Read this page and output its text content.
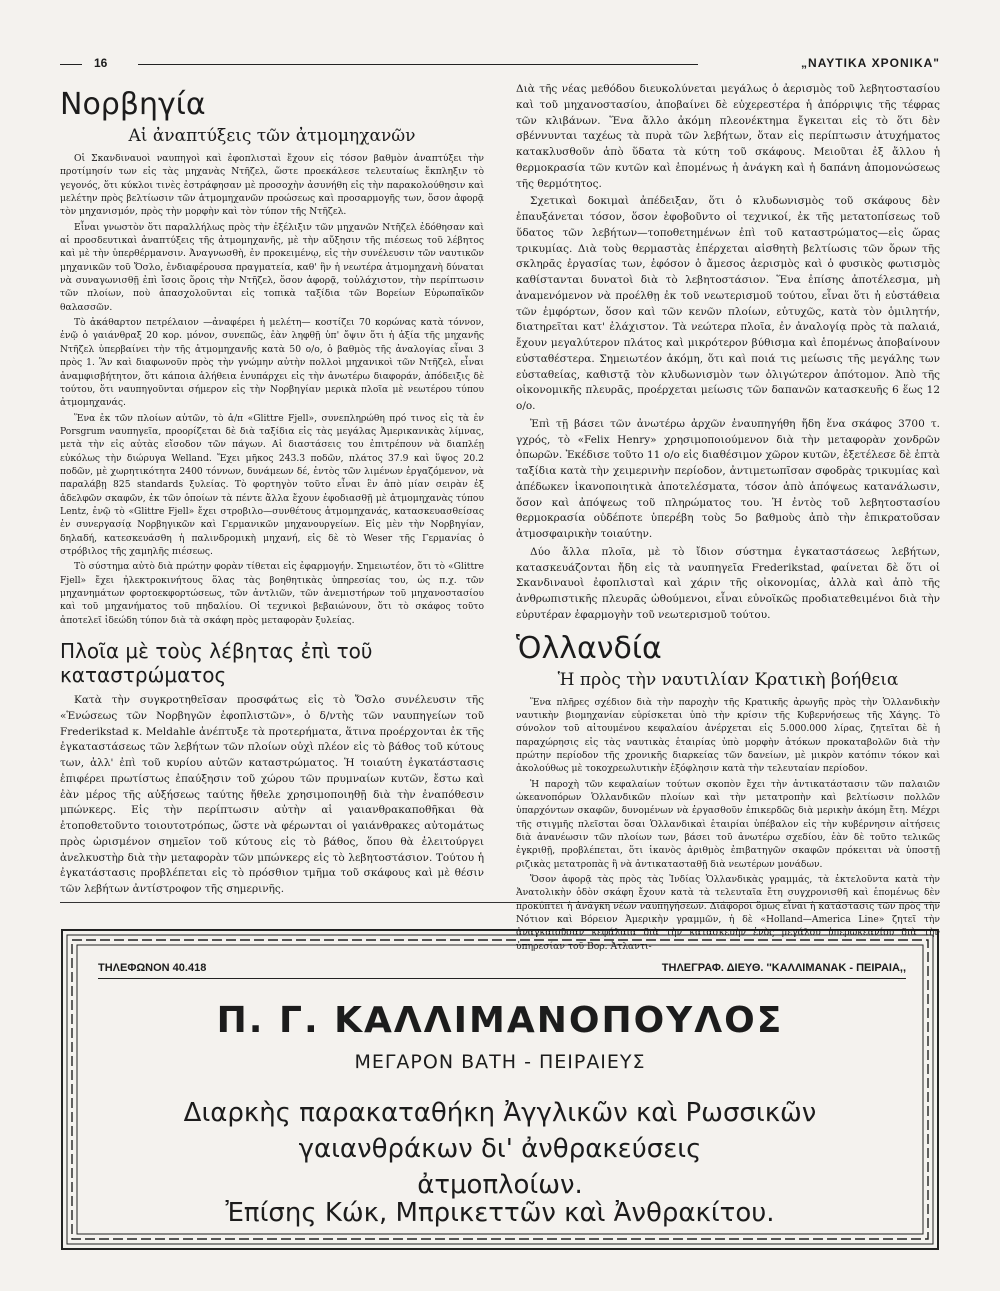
16	„ΝΑΥΤΙΚΑ ΧΡΟΝΙΚΑ"
Νορβηγία
Αἱ ἀναπτύξεις τῶν ἀτμομηχανῶν

Οἱ Σκανδιναυοὶ ναυπηγοὶ καὶ ἐφοπλισταὶ ἔχουν εἰς τόσον βαθμὸν ἀναπτύξει τὴν προτίμησίν των εἰς τὰς μηχανὰς Ντῆζελ, ὥστε προεκάλεσε τελευταίως ἔκπληξιν τὸ γεγονός, ὅτι κύκλοι τινὲς ἐστράφησαν μὲ προσοχὴν ἀσυνήθη εἰς τὴν παρακολούθησιν καὶ μελέτην πρὸς βελτίωσιν τῶν ἀτμομηχανῶν προώσεως καὶ προσαρμογῆς των, ὅσον ἀφορᾷ τὸν μηχανισμόν, πρὸς τὴν μορφὴν καὶ τὸν τύπον τῆς Ντῆζελ.

Εἶναι γνωστὸν ὅτι παραλλήλως πρὸς τὴν ἐξέλιξιν τῶν μηχανῶν Ντῆζελ ἐδόθησαν καὶ αἱ προσδευτικαὶ ἀναπτύξεις τῆς ἀτμομηχανῆς, μὲ τὴν αὔξησιν τῆς πιέσεως τοῦ λέβητος καὶ μὲ τὴν ὑπερθέρμανσιν. Ἀναγνωσθὴ, ἐν προκειμένῳ, εἰς τὴν συνέλευσιν τῶν ναυτικῶν μηχανικῶν τοῦ Ὄσλο, ἐνδιαφέρουσα πραγματεία, καθ' ἣν ἡ νεωτέρα ἀτμομηχανὴ δύναται νὰ συναγωνισθῇ ἐπὶ ἴσοις ὅροις τὴν Ντῆζελ, ὅσον ἀφορᾷ, τοὐλάχιστον, τὴν περίπτωσιν τῶν πλοίων, ποὺ ἀπασχολοῦνται εἰς τοπικὰ ταξίδια τῶν Βορείων Εὐρωπαϊκῶν θαλασσῶν.

Τὸ ἀκάθαρτον πετρέλαιον —ἀναφέρει ἡ μελέτη— κοστίζει 70 κορώνας κατὰ τόννον, ἐνῷ ὁ γαιάνθραξ 20 κορ. μόνον, συνεπῶς, ἐὰν ληφθῇ ὑπ' ὄψιν ὅτι ἡ ἀξία τῆς μηχανῆς Ντῆζελ ὑπερβαίνει τὴν τῆς ἀτμομηχανῆς κατὰ 50 ο/ο, ὁ βαθμὸς τῆς ἀναλογίας εἶναι 3 πρὸς 1. Ἂν καὶ διαφωνοῦν πρὸς τὴν γνώμην αὐτὴν πολλοὶ μηχανικοὶ τῶν Ντῆζελ, εἶναι ἀναμφισβήτητον, ὅτι κάποια ἀλήθεια ἐνυπάρχει εἰς τὴν ἀνωτέρω διαφοράν, ἀπόδειξις δὲ τούτου, ὅτι ναυπηγοῦνται σήμερον εἰς τὴν Νορβηγίαν μερικὰ πλοῖα μὲ νεωτέρου τύπου ἀτμομηχανάς.

Ἕνα ἐκ τῶν πλοίων αὐτῶν, τὸ ἀ/π «Glittre Fjell», συνεπληρώθη πρό τινος εἰς τὰ ἐν Porsgrum ναυπηγεῖα, προορίζεται δὲ διὰ ταξίδια εἰς τὰς μεγάλας Ἀμερικανικὰς λίμνας, μετὰ τὴν εἰς αὐτὰς εἴσοδον τῶν πάγων. Αἱ διαστάσεις του ἐπιτρέπουν νὰ διαπλέῃ εὐκόλως τὴν διώρυγα Welland. Ἔχει μῆκος 243.3 ποδῶν, πλάτος 37.9 καὶ ὕψος 20.2 ποδῶν, μὲ χωρητικότητα 2400 τόννων, δυνάμεων δέ, ἐντὸς τῶν λιμένων ἐργαζόμενον, νὰ παραλάβῃ 825 standards ξυλείας. Τὸ φορτηγὸν τοῦτο εἶναι ἓν ἀπὸ μίαν σειρὰν ἐξ ἀδελφῶν σκαφῶν, ἐκ τῶν ὁποίων τὰ πέντε ἄλλα ἔχουν ἐφοδιασθῇ μὲ ἀτμομηχανὰς τύπου Lentz, ἐνῷ τὸ «Glittre Fjell» ἔχει στροβιλο—συνθέτους ἀτμομηχανάς, κατασκευασθείσας ἐν συνεργασίᾳ Νορβηγικῶν καὶ Γερμανικῶν μηχανουργείων. Εἰς μὲν τὴν Νορβηγίαν, δηλαδή, κατεσκευάσθη ἡ παλινδρομικὴ μηχανή, εἰς δὲ τὸ Weser τῆς Γερμανίας ὁ στρόβιλος τῆς χαμηλῆς πιέσεως.

Τὸ σύστημα αὐτὸ διὰ πρώτην φορὰν τίθεται εἰς ἐφαρμογήν. Σημειωτέον, ὅτι τὸ «Glittre Fjell» ἔχει ἠλεκτροκινήτους ὅλας τὰς βοηθητικὰς ὑπηρεσίας του, ὡς π.χ. τῶν μηχανημάτων φορτοεκφορτώσεως, τῶν ἀντλιῶν, τῶν ἀνεμιστήρων τοῦ μηχανοστασίου καὶ τοῦ μηχανήματος τοῦ πηδαλίου. Οἱ τεχνικοὶ βεβαιώνουν, ὅτι τὸ σκάφος τοῦτο ἀποτελεῖ ἰδεώδη τύπον διὰ τὰ σκάφη πρὸς μεταφορὰν ξυλείας.

Πλοῖα μὲ τοὺς λέβητας ἐπὶ τοῦ καταστρώματος

Κατὰ τὴν συγκροτηθεῖσαν προσφάτως εἰς τὸ Ὄσλο συνέλευσιν τῆς «Ἑνώσεως τῶν Νορβηγῶν ἐφοπλιστῶν», ὁ δ/ντὴς τῶν ναυπηγείων τοῦ Frederikstad κ. Meldahle ἀνέπτυξε τὰ προτερήματα, ἅτινα προέρχονται ἐκ τῆς ἐγκαταστάσεως τῶν λεβήτων τῶν πλοίων οὐχὶ πλέον εἰς τὸ βάθος τοῦ κύτους των, ἀλλ' ἐπὶ τοῦ κυρίου αὐτῶν καταστρώματος. Ἡ τοιαύτη ἐγκατάστασις ἐπιφέρει πρωτίστως ἐπαύξησιν τοῦ χώρου τῶν πρυμναίων κυτῶν, ἔστω καὶ ἐὰν μέρος τῆς αὐξήσεως ταύτης ἤθελε χρησιμοποιηθῇ διὰ τὴν ἐναπόθεσιν μπώνκερς. Εἰς τὴν περίπτωσιν αὐτὴν αἱ γαιανθρακαποθῆκαι θὰ ἐτοποθετοῦντο τοιουτοτρόπως, ὥστε νὰ φέρωνται οἱ γαιάνθρακες αὐτομάτως πρὸς ὡρισμένον σημεῖον τοῦ κύτους εἰς τὸ βάθος, ὅπου θὰ ἐλειτούργει ἀνελκυστὴρ διὰ τὴν μεταφορὰν τῶν μπώνκερς εἰς τὸ λεβητοστάσιον. Τούτου ἡ ἐγκατάστασις προβλέπεται εἰς τὸ πρόσθιον τμῆμα τοῦ σκάφους καὶ μὲ θέσιν τῶν λεβήτων ἀντίστροφον τῆς σημερινῆς.

Διὰ τῆς νέας μεθόδου διευκολύνεται μεγάλως ὁ ἀερισμὸς τοῦ λεβητοστασίου καὶ τοῦ μηχανοστασίου, ἀποβαίνει δὲ εὐχερεστέρα ἡ ἀπόρριψις τῆς τέφρας τῶν κλιβάνων. Ἕνα ἄλλο ἀκόμη πλεονέκτημα ἔγκειται εἰς τὸ ὅτι δὲν σβέννυνται ταχέως τὰ πυρὰ τῶν λεβήτων, ὅταν εἰς περίπτωσιν ἀτυχήματος κατακλυσθοῦν ἀπὸ ὕδατα τὰ κύτη τοῦ σκάφους. Μειοῦται ἐξ ἄλλου ἡ θερμοκρασία τῶν κυτῶν καὶ ἑπομένως ἡ ἀνάγκη καὶ ἡ δαπάνη ἀπομονώσεως τῆς θερμότητος.

Σχετικαὶ δοκιμαὶ ἀπέδειξαν, ὅτι ὁ κλυδωνισμὸς τοῦ σκάφους δὲν ἐπαυξάνεται τόσον, ὅσον ἐφοβοῦντο οἱ τεχνικοί, ἐκ τῆς μετατοπίσεως τοῦ ὕδατος τῶν λεβήτων—τοποθετημένων ἐπὶ τοῦ καταστρώματος—εἰς ὥρας τρικυμίας. Διὰ τοὺς θερμαστὰς ἐπέρχεται αἰσθητὴ βελτίωσις τῶν ὅρων τῆς σκληρᾶς ἐργασίας των, ἐφόσον ὁ ἄμεσος ἀερισμὸς καὶ ὁ φυσικὸς φωτισμὸς καθίστανται δυνατοὶ διὰ τὸ λεβητοστάσιον. Ἕνα ἐπίσης ἀποτέλεσμα, μὴ ἀναμενόμενον νὰ προέλθῃ ἐκ τοῦ νεωτερισμοῦ τούτου, εἶναι ὅτι ἡ εὐστάθεια τῶν ἐμφόρτων, ὅσον καὶ τῶν κενῶν πλοίων, εὐτυχῶς, κατὰ τὸν ὁμιλητήν, διατηρεῖται κατ' ἐλάχιστον. Τὰ νεώτερα πλοῖα, ἐν ἀναλογίᾳ πρὸς τὰ παλαιά, ἔχουν μεγαλύτερον πλάτος καὶ μικρότερον βύθισμα καὶ ἑπομένως ἀποβαίνουν εὐσταθέστερα. Σημειωτέον ἀκόμη, ὅτι καὶ ποιά τις μείωσις τῆς μεγάλης των εὐσταθείας, καθιστᾷ τὸν κλυδωνισμὸν των ὀλιγώτερον ἀπότομον. Ἀπὸ τῆς οἰκονομικῆς πλευρᾶς, προέρχεται μείωσις τῶν δαπανῶν κατασκευῆς 6 ἕως 12 ο/ο.

Ἐπὶ τῇ βάσει τῶν ἀνωτέρω ἀρχῶν ἐναυπηγήθη ἤδη ἕνα σκάφος 3700 τ. γχρός, τὸ «Felix Henry» χρησιμοποιούμενον διὰ τὴν μεταφορὰν χονδρῶν ὀπωρῶν. Ἐκέδισε τοῦτο 11 ο/ο εἰς διαθέσιμον χῶρον κυτῶν, ἐξετέλεσε δὲ ἑπτὰ ταξίδια κατὰ τὴν χειμερινὴν περίοδον, ἀντιμετωπῖσαν σφοδρὰς τρικυμίας καὶ ἀπέδωκεν ἱκανοποιητικὰ ἀποτελέσματα, τόσον ἀπὸ ἀπόψεως κατανάλωσιν, ὅσον καὶ ἀπόψεως τοῦ πληρώματος του. Ἡ ἐντὸς τοῦ λεβητοστασίου θερμοκρασία οὐδέποτε ὑπερέβη τοὺς 5ο βαθμοὺς ἀπὸ τὴν ἐπικρατοῦσαν ἀτμοσφαιρικὴν τοιαύτην.

Δύο ἄλλα πλοῖα, μὲ τὸ ἴδιον σύστημα ἐγκαταστάσεως λεβήτων, κατασκευάζονται ἤδη εἰς τὰ ναυπηγεῖα Frederikstad, φαίνεται δὲ ὅτι οἱ Σκανδιναυοὶ ἐφοπλισταὶ καὶ χάριν τῆς οἰκονομίας, ἀλλὰ καὶ ἀπὸ τῆς ἀνθρωπιστικῆς πλευρᾶς ὠθούμενοι, εἶναι εὐνοϊκῶς προδιατεθειμένοι διὰ τὴν εὐρυτέραν ἐφαρμογὴν τοῦ νεωτερισμοῦ τούτου.

Ὁλλανδία
Ἡ πρὸς τὴν ναυτιλίαν Κρατικὴ βοήθεια

Ἕνα πλῆρες σχέδιον διὰ τὴν παροχὴν τῆς Κρατικῆς ἀρωγῆς πρὸς τὴν Ὁλλανδικὴν ναυτικὴν βιομηχανίαν εὑρίσκεται ὑπὸ τὴν κρίσιν τῆς Κυβερνήσεως τῆς Χάγης. Τὸ σύνολον τοῦ αἰτουμένου κεφαλαίου ἀνέρχεται εἰς 5.000.000 λίρας, ζητεῖται δὲ ἡ παραχώρησις εἰς τὰς ναυτικὰς ἑταιρίας ὑπὸ μορφὴν ἀτόκων προκαταβολῶν διὰ τὴν πρώτην περίοδον τῆς χρονικῆς διαρκείας τῶν δανείων, μὲ μικρὸν κατόπιν τόκον καὶ ἀκολούθως μὲ τοκοχρεωλυτικὴν ἐξόφλησιν κατὰ τὴν τελευταίαν περίοδον.

Ἡ παροχὴ τῶν κεφαλαίων τούτων σκοπὸν ἔχει τὴν ἀντικατάστασιν τῶν παλαιῶν ὠκεανοπόρων Ὁλλανδικῶν πλοίων καὶ τὴν μετατροπὴν καὶ βελτίωσιν πολλῶν ὑπαρχόντων σκαφῶν, δυνομένων νὰ ἐργασθοῦν ἐπικερδῶς διὰ μερικὴν ἀκόμη ἔτη. Μέχρι τῆς στιγμῆς πλεῖσται ὅσαι Ὁλλανδικαὶ ἑταιρίαι ὑπέβαλον εἰς τὴν κυβέρνησιν αἰτήσεις διὰ ἀνανέωσιν τῶν πλοίων των, βάσει τοῦ ἀνωτέρω σχεδίου, ἐὰν δὲ τοῦτο τελικῶς ἐγκριθῇ, προβλέπεται, ὅτι ἱκανὸς ἀριθμὸς ἐπιβατηγῶν σκαφῶν πρόκειται νὰ ὑποστῇ ριζικὰς μετατροπὰς ἢ νὰ ἀντικατασταθῇ διὰ νεωτέρων μονάδων.

Ὅσον ἀφορᾷ τὰς πρὸς τὰς Ἰνδίας Ὁλλανδικὰς γραμμάς, τὰ ἐκτελοῦντα κατὰ τὴν Ἀνατολικὴν ὁδὸν σκάφη ἔχουν κατὰ τὰ τελευταῖα ἔτη συγχρονισθῆ καὶ ἑπομένως δὲν προκύπτει ἡ ἀνάγκη νέων ναυπηγήσεων. Διάφοροι ὅμως εἶναι ἡ κατάστασις τῶν πρὸς τὴν Νότιον καὶ Βόρειον Ἀμερικὴν γραμμῶν, ἡ δὲ «Holland—America Line» ζητεῖ τὴν ἀναγκαιοῦσαν κεφάλαια διὰ τὴν κατασκευὴν ἑνὸς μεγάλου ὑπερωκεανίου διὰ τὴν ὑπηρεσίαν τοῦ Βορ. Ἀτλαντι-

ΤΗΛΕΦΩΝΟΝ 40.418	ΤΗΛΕΓΡΑΦ. ΔΙΕΥΘ. ''ΚΑΛΛΙΜΑΝΑΚ - ΠΕΙΡΑΙΑ,,
Π. Γ. ΚΑΛΛΙΜΑΝΟΠΟΥΛΟΣ
ΜΕΓΑΡΟΝ ΒΑΤΗ - ΠΕΙΡΑΙΕΥΣ
Διαρκὴς παρακαταθήκη Ἀγγλικῶν καὶ Ρωσσικῶν
γαιανθράκων δι' ἀνθρακεύσεις
ἀτμοπλοίων.
Ἐπίσης Κώκ, Μπρικεττῶν καὶ Ἀνθρακίτου.
